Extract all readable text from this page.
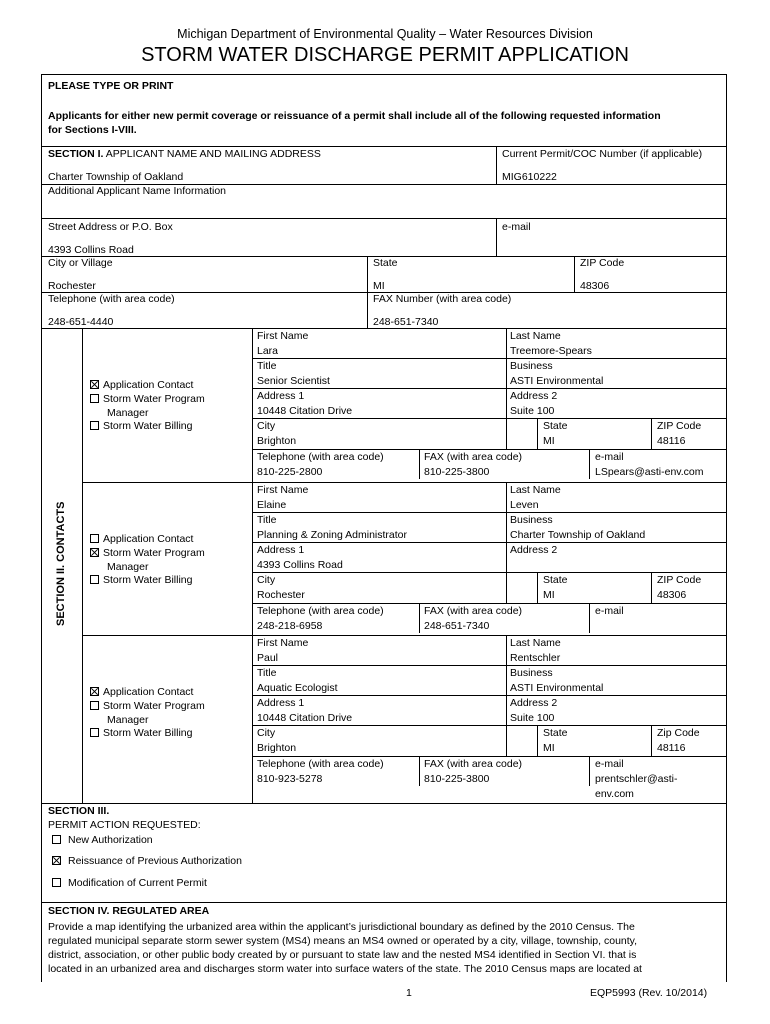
Michigan Department of Environmental Quality – Water Resources Division
STORM WATER DISCHARGE PERMIT APPLICATION
PLEASE TYPE OR PRINT
Applicants for either new permit coverage or reissuance of a permit shall include all of the following requested information
for Sections I-VIII.
SECTION I. APPLICANT NAME AND MAILING ADDRESS
Charter Township of Oakland
Current Permit/COC Number (if applicable)
MIG610222
Additional Applicant Name Information
Street Address or P.O. Box
4393 Collins Road
e-mail
City or Village
Rochester
State
MI
ZIP Code
48306
Telephone (with area code)
248-651-4440
FAX Number (with area code)
248-651-7340
SECTION II. CONTACTS
Application Contact
Storm Water Program
Manager
Storm Water Billing
First Name
Lara
Last Name
Treemore-Spears
Title
Senior Scientist
Business
ASTI Environmental
Address 1
10448 Citation Drive
Address 2
Suite 100
City
Brighton
State
MI
ZIP Code
48116
Telephone (with area code)
810-225-2800
FAX (with area code)
810-225-3800
e-mail
LSpears@asti-env.com
Application Contact
Storm Water Program
Manager
Storm Water Billing
First Name
Elaine
Last Name
Leven
Title
Planning & Zoning Administrator
Business
Charter Township of Oakland
Address 1
4393 Collins Road
Address 2
City
Rochester
State
MI
ZIP Code
48306
Telephone (with area code)
248-218-6958
FAX (with area code)
248-651-7340
e-mail
Application Contact
Storm Water Program
Manager
Storm Water Billing
First Name
Paul
Last Name
Rentschler
Title
Aquatic Ecologist
Business
ASTI Environmental
Address 1
10448 Citation Drive
Address 2
Suite 100
City
Brighton
State
MI
Zip Code
48116
Telephone (with area code)
810-923-5278
FAX (with area code)
810-225-3800
e-mail
prentschler@asti-
env.com
SECTION III.
PERMIT ACTION REQUESTED:
New Authorization
Reissuance of Previous Authorization
Modification of Current Permit
SECTION IV. REGULATED AREA
Provide a map identifying the urbanized area within the applicant’s jurisdictional boundary as defined by the 2010 Census. The
regulated municipal separate storm sewer system (MS4) means an MS4 owned or operated by a city, village, township, county,
district, association, or other public body created by or pursuant to state law and the nested MS4 identified in Section VI. that is
located in an urbanized area and discharges storm water into surface waters of the state. The 2010 Census maps are located at
1	EQP5993 (Rev. 10/2014)
